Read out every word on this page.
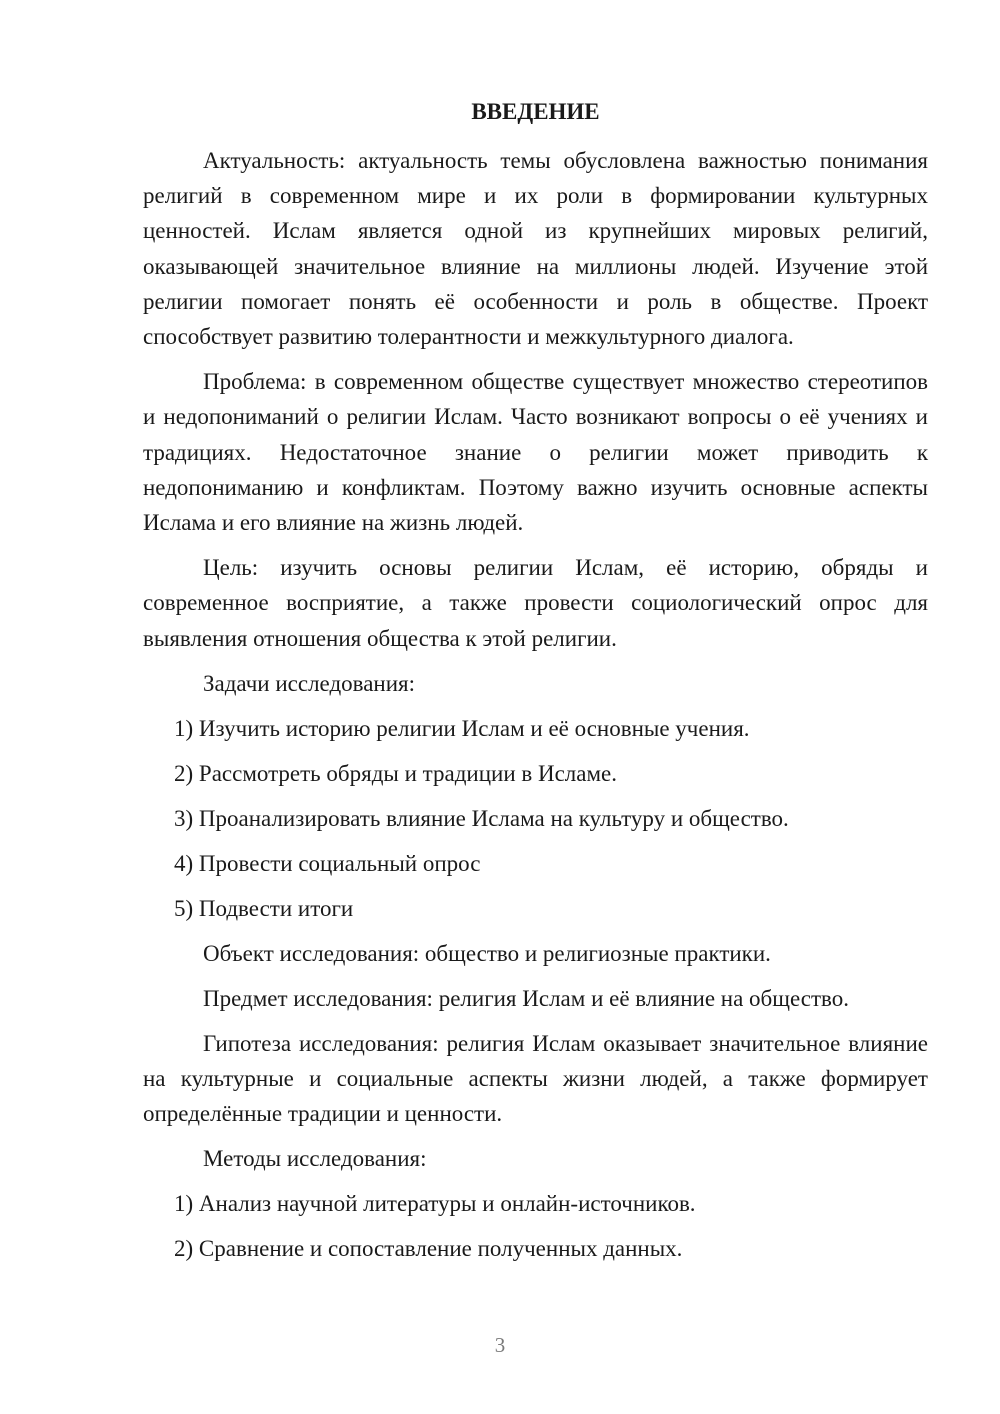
ВВЕДЕНИЕ

Актуальность: актуальность темы обусловлена важностью понимания религий в современном мире и их роли в формировании культурных ценностей. Ислам является одной из крупнейших мировых религий, оказывающей значительное влияние на миллионы людей. Изучение этой религии помогает понять её особенности и роль в обществе. Проект способствует развитию толерантности и межкультурного диалога.

Проблема: в современном обществе существует множество стереотипов и недопониманий о религии Ислам. Часто возникают вопросы о её учениях и традициях. Недостаточное знание о религии может приводить к недопониманию и конфликтам. Поэтому важно изучить основные аспекты Ислама и его влияние на жизнь людей.

Цель: изучить основы религии Ислам, её историю, обряды и современное восприятие, а также провести социологический опрос для выявления отношения общества к этой религии.

Задачи исследования:
1) Изучить историю религии Ислам и её основные учения.
2) Рассмотреть обряды и традиции в Исламе.
3) Проанализировать влияние Ислама на культуру и общество.
4) Провести социальный опрос
5) Подвести итоги
Объект исследования: общество и религиозные практики.
Предмет исследования: религия Ислам и её влияние на общество.

Гипотеза исследования: религия Ислам оказывает значительное влияние на культурные и социальные аспекты жизни людей, а также формирует определённые традиции и ценности.

Методы исследования:
1) Анализ научной литературы и онлайн-источников.
2) Сравнение и сопоставление полученных данных.
3
